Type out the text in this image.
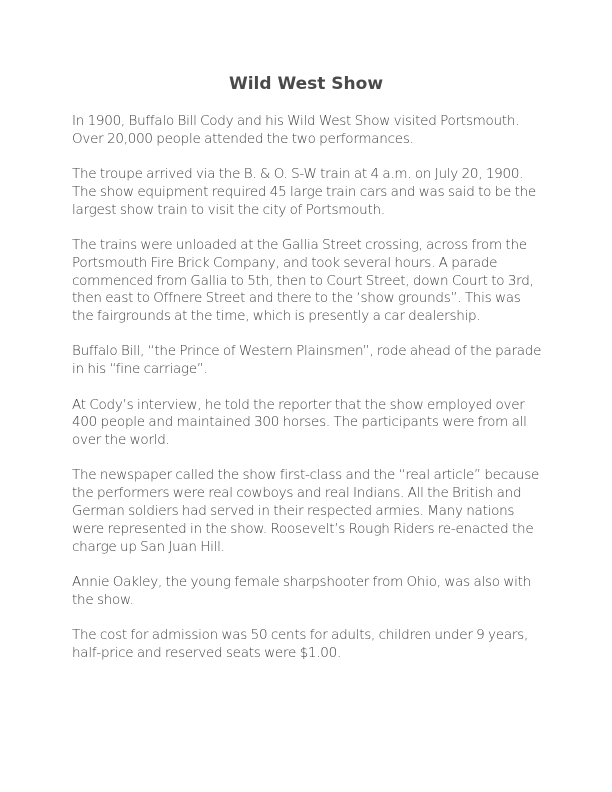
Wild West Show

In 1900, Buffalo Bill Cody and his Wild West Show visited Portsmouth. Over 20,000 people attended the two performances.

The troupe arrived via the B. & O. S-W train at 4 a.m. on July 20, 1900. The show equipment required 45 large train cars and was said to be the largest show train to visit the city of Portsmouth.

The trains were unloaded at the Gallia Street crossing, across from the Portsmouth Fire Brick Company, and took several hours. A parade commenced from Gallia to 5th, then to Court Street, down Court to 3rd, then east to Offnere Street and there to the ‘show grounds”. This was the fairgrounds at the time, which is presently a car dealership.

Buffalo Bill, “the Prince of Western Plainsmen”, rode ahead of the parade in his “fine carriage”.

At Cody’s interview, he told the reporter that the show employed over 400 people and maintained 300 horses. The participants were from all over the world.

The newspaper called the show first-class and the “real article” because the performers were real cowboys and real Indians. All the British and German soldiers had served in their respected armies. Many nations were represented in the show. Roosevelt’s Rough Riders re-enacted the charge up San Juan Hill.

Annie Oakley, the young female sharpshooter from Ohio, was also with the show.

The cost for admission was 50 cents for adults, children under 9 years, half-price and reserved seats were $1.00.
